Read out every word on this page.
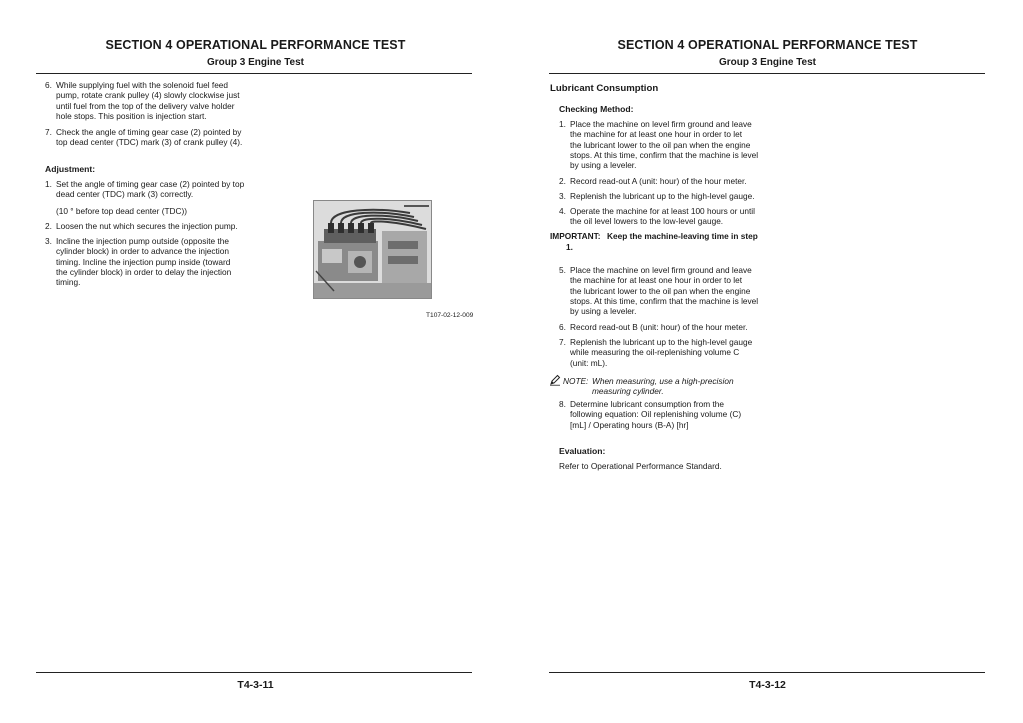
SECTION 4 OPERATIONAL PERFORMANCE TEST
Group 3 Engine Test
6. While supplying fuel with the solenoid fuel feed
pump, rotate crank pulley (4) slowly clockwise just
until fuel from the top of the delivery valve holder
hole stops. This position is injection start.
7. Check the angle of timing gear case (2) pointed by
top dead center (TDC) mark (3) of crank pulley (4).
Adjustment:
1. Set the angle of timing gear case (2) pointed by top
dead center (TDC) mark (3) correctly.
(10 ° before top dead center (TDC))
2. Loosen the nut which secures the injection pump.
3. Incline the injection pump outside (opposite the
cylinder block) in order to advance the injection
timing. Incline the injection pump inside (toward
the cylinder block) in order to delay the injection
timing.
T107-02-12-009
T4-3-11
SECTION 4 OPERATIONAL PERFORMANCE TEST
Group 3 Engine Test
Lubricant Consumption
Checking Method:
1. Place the machine on level firm ground and leave
the machine for at least one hour in order to let
the lubricant lower to the oil pan when the engine
stops. At this time, confirm that the machine is level
by using a leveler.
2. Record read-out A (unit: hour) of the hour meter.
3. Replenish the lubricant up to the high-level gauge.
4. Operate the machine for at least 100 hours or until
the oil level lowers to the low-level gauge.
IMPORTANT: Keep the machine-leaving time in step
1.
5. Place the machine on level firm ground and leave
the machine for at least one hour in order to let
the lubricant lower to the oil pan when the engine
stops. At this time, confirm that the machine is level
by using a leveler.
6. Record read-out B (unit: hour) of the hour meter.
7. Replenish the lubricant up to the high-level gauge
while measuring the oil-replenishing volume C
(unit: mL).
NOTE: When measuring, use a high-precision
measuring cylinder.
8. Determine lubricant consumption from the
following equation: Oil replenishing volume (C)
[mL] / Operating hours (B-A) [hr]
Evaluation:
Refer to Operational Performance Standard.
T4-3-12
